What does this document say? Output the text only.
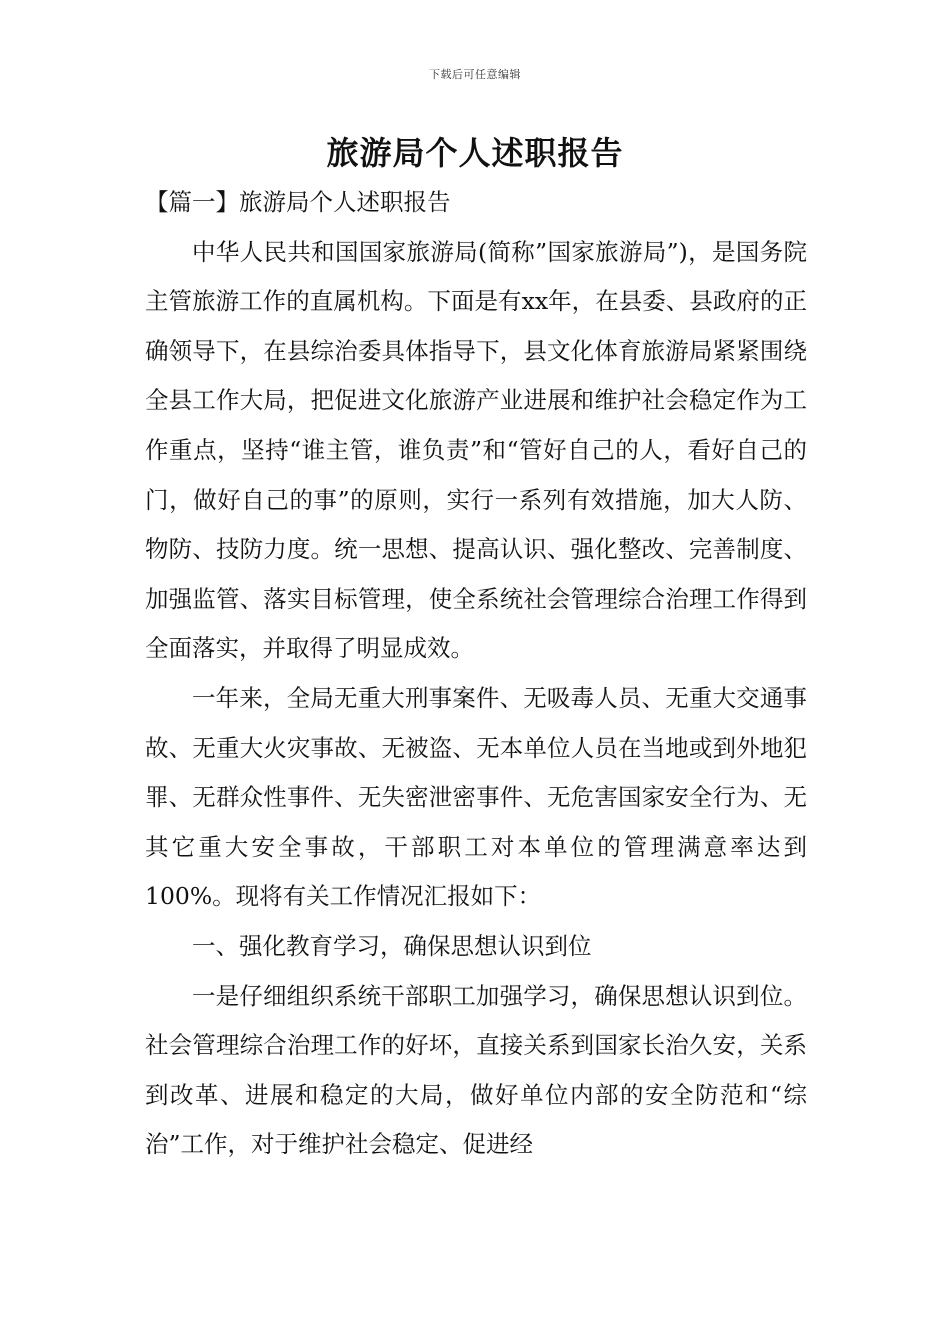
下载后可任意编辑
旅游局个人述职报告

【篇一】旅游局个人述职报告

中华人民共和国国家旅游局(简称”国家旅游局”)，是国务院主管旅游工作的直属机构。下面是有xx年，在县委、县政府的正确领导下，在县综治委具体指导下，县文化体育旅游局紧紧围绕全县工作大局，把促进文化旅游产业进展和维护社会稳定作为工作重点，坚持“谁主管，谁负责”和“管好自己的人，看好自己的门，做好自己的事”的原则，实行一系列有效措施，加大人防、物防、技防力度。统一思想、提高认识、强化整改、完善制度、加强监管、落实目标管理，使全系统社会管理综合治理工作得到全面落实，并取得了明显成效。

一年来，全局无重大刑事案件、无吸毒人员、无重大交通事故、无重大火灾事故、无被盗、无本单位人员在当地或到外地犯罪、无群众性事件、无失密泄密事件、无危害国家安全行为、无其它重大安全事故，干部职工对本单位的管理满意率达到100%。现将有关工作情况汇报如下：

一、强化教育学习，确保思想认识到位

一是仔细组织系统干部职工加强学习，确保思想认识到位。社会管理综合治理工作的好坏，直接关系到国家长治久安，关系到改革、进展和稳定的大局，做好单位内部的安全防范和“综治”工作，对于维护社会稳定、促进经
